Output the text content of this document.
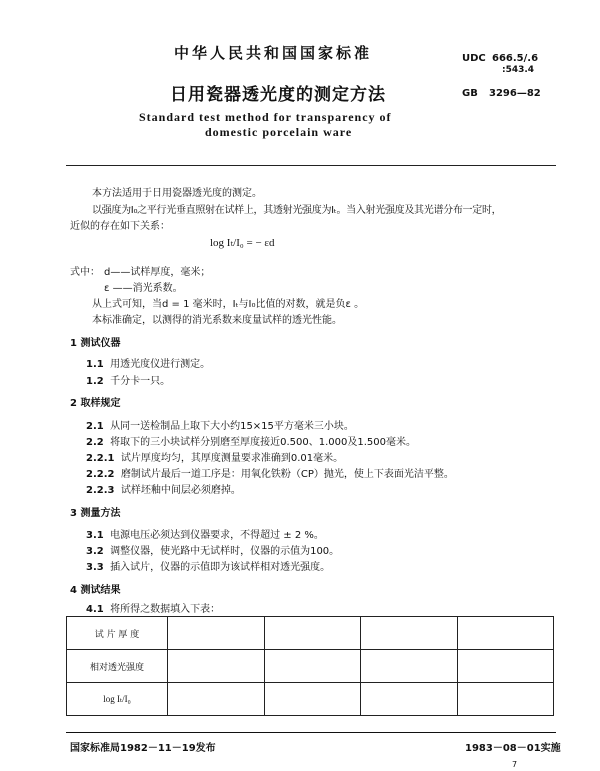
中华人民共和国国家标准	UDC 666.5/.6
:543.4
GB 3296—82
日用瓷器透光度的测定方法
Standard test method for transparency of
domestic porcelain ware
本方法适用于日用瓷器透光度的测定。
以强度为I₀之平行光垂直照射在试样上，其透射光强度为Iₜ。当入射光强度及其光谱分布一定时，
近似的存在如下关系：
log Iₜ/I₀ = − εd
式中： d——试样厚度，毫米；
ε ——消光系数。
从上式可知，当d = 1 毫米时，Iₜ与I₀比值的对数，就是负ε 。
本标准确定，以测得的消光系数来度量试样的透光性能。
1 测试仪器
1.1 用透光度仪进行测定。
1.2 千分卡一只。
2 取样规定
2.1 从同一送检制品上取下大小约15×15平方毫米三小块。
2.2 将取下的三小块试样分别磨至厚度接近0.500、1.000及1.500毫米。
2.2.1 试片厚度均匀，其厚度测量要求准确到0.01毫米。
2.2.2 磨制试片最后一道工序是：用氧化铁粉（CP）抛光，使上下表面光洁平整。
2.2.3 试样坯釉中间层必须磨掉。
3 测量方法
3.1 电源电压必须达到仪器要求，不得超过 ± 2 %。
3.2 调整仪器，使光路中无试样时，仪器的示值为100。
3.3 插入试片，仪器的示值即为该试样相对透光强度。
4 测试结果
4.1 将所得之数据填入下表：
试 片 厚 度				
相对透光强度				
log Iₜ/I₀				
国家标准局1982－11－19发布	1983－08－01实施
7
